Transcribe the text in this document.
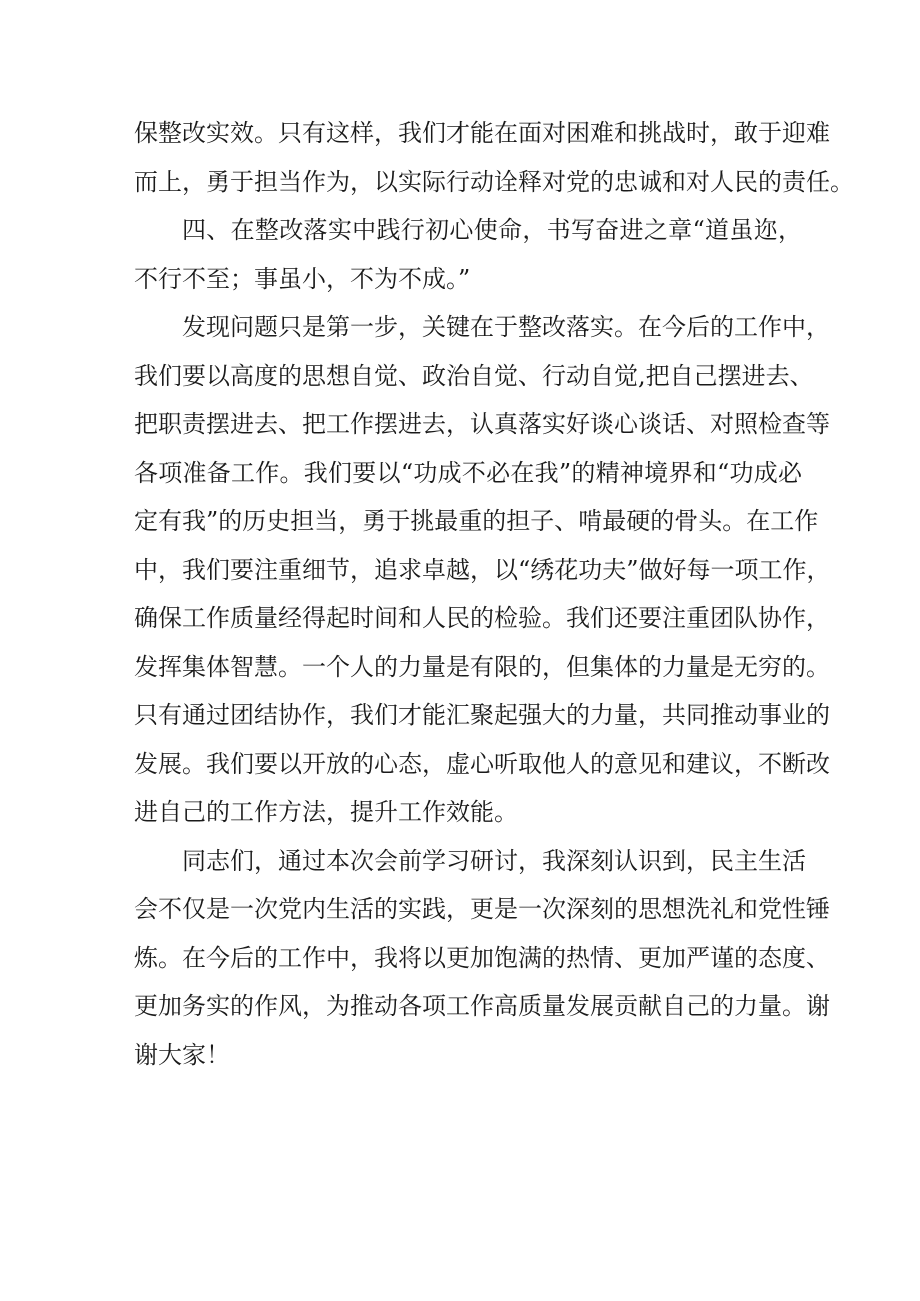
保整改实效。只有这样，我们才能在面对困难和挑战时，敢于迎难
而上，勇于担当作为，以实际行动诠释对党的忠诚和对人民的责任。
四、在整改落实中践行初心使命，书写奋进之章“道虽迩，
不行不至；事虽小，不为不成。”
发现问题只是第一步，关键在于整改落实。在今后的工作中，
我们要以高度的思想自觉、政治自觉、行动自觉,把自己摆进去、
把职责摆进去、把工作摆进去，认真落实好谈心谈话、对照检查等
各项准备工作。我们要以“功成不必在我”的精神境界和“功成必
定有我”的历史担当，勇于挑最重的担子、啃最硬的骨头。在工作
中，我们要注重细节，追求卓越，以“绣花功夫”做好每一项工作，
确保工作质量经得起时间和人民的检验。我们还要注重团队协作，
发挥集体智慧。一个人的力量是有限的，但集体的力量是无穷的。
只有通过团结协作，我们才能汇聚起强大的力量，共同推动事业的
发展。我们要以开放的心态，虚心听取他人的意见和建议，不断改
进自己的工作方法，提升工作效能。
同志们，通过本次会前学习研讨，我深刻认识到，民主生活
会不仅是一次党内生活的实践，更是一次深刻的思想洗礼和党性锤
炼。在今后的工作中，我将以更加饱满的热情、更加严谨的态度、
更加务实的作风，为推动各项工作高质量发展贡献自己的力量。谢
谢大家！
